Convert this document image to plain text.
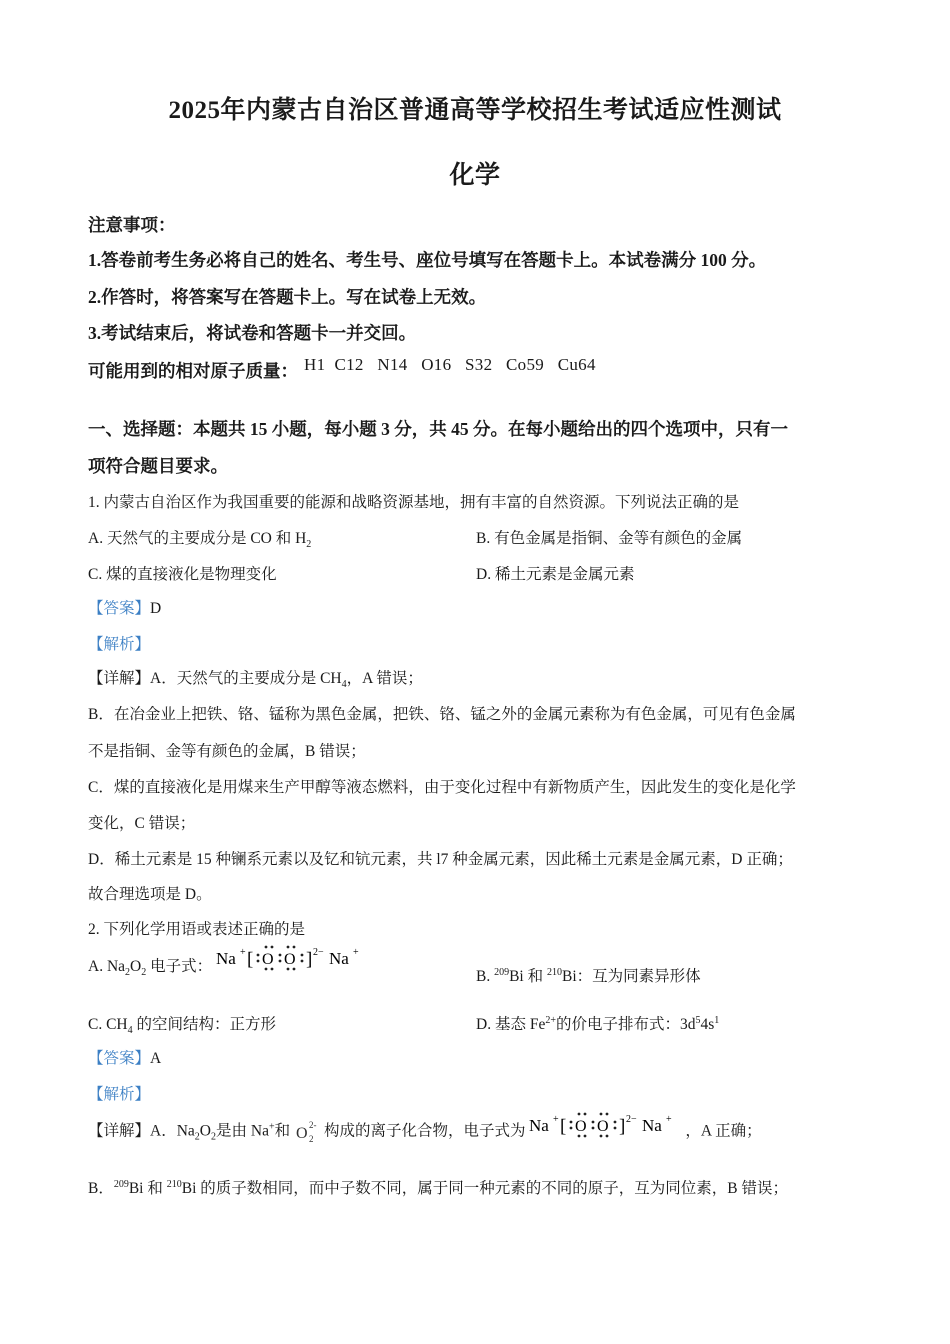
2025年内蒙古自治区普通高等学校招生考试适应性测试
化学
注意事项：
1.答卷前考生务必将自己的姓名、考生号、座位号填写在答题卡上。本试卷满分 100 分。
2.作答时，将答案写在答题卡上。写在试卷上无效。
3.考试结束后，将试卷和答题卡一并交回。
可能用到的相对原子质量： H1  C12   N14   O16   S32   Co59   Cu64
一、选择题：本题共 15 小题，每小题 3 分，共 45 分。在每小题给出的四个选项中，只有一
项符合题目要求。
1. 内蒙古自治区作为我国重要的能源和战略资源基地，拥有丰富的自然资源。下列说法正确的是
A. 天然气的主要成分是 CO 和 $H_2$	B. 有色金属是指铜、金等有颜色的金属
C. 煤的直接液化是物理变化	D. 稀土元素是金属元素
【答案】D
【解析】
【详解】A．天然气的主要成分是 $CH_4$，A 错误；
B．在冶金业上把铁、铬、锰称为黑色金属，把铁、铬、锰之外的金属元素称为有色金属，可见有色金属
不是指铜、金等有颜色的金属，B 错误；
C．煤的直接液化是用煤来生产甲醇等液态燃料，由于变化过程中有新物质产生，因此发生的变化是化学
变化，C 错误；
D．稀土元素是 15 种镧系元素以及钇和钪元素，共 l7 种金属元素，因此稀土元素是金属元素，D 正确；
故合理选项是 D。
2. 下列化学用语或表述正确的是
A. $Na_2O_2$ 电子式： Na + [ O O ] 2− Na +
B. $^{209}$Bi 和 $^{210}$Bi：互为同素异形体
C. $CH_4$ 的空间结构：正方形	D. 基态 $Fe^{2+}$的价电子排布式：$3d^54s^1$
【答案】A
【解析】
【详解】A．$Na_2O_2$是由 Na+和 O 2-
2 构成的离子化合物，电子式为 Na + [ O O ] 2− Na +
，A 正确；
B．$^{209}$Bi 和 $^{210}$Bi 的质子数相同，而中子数不同，属于同一种元素的不同的原子，互为同位素，B 错误；
